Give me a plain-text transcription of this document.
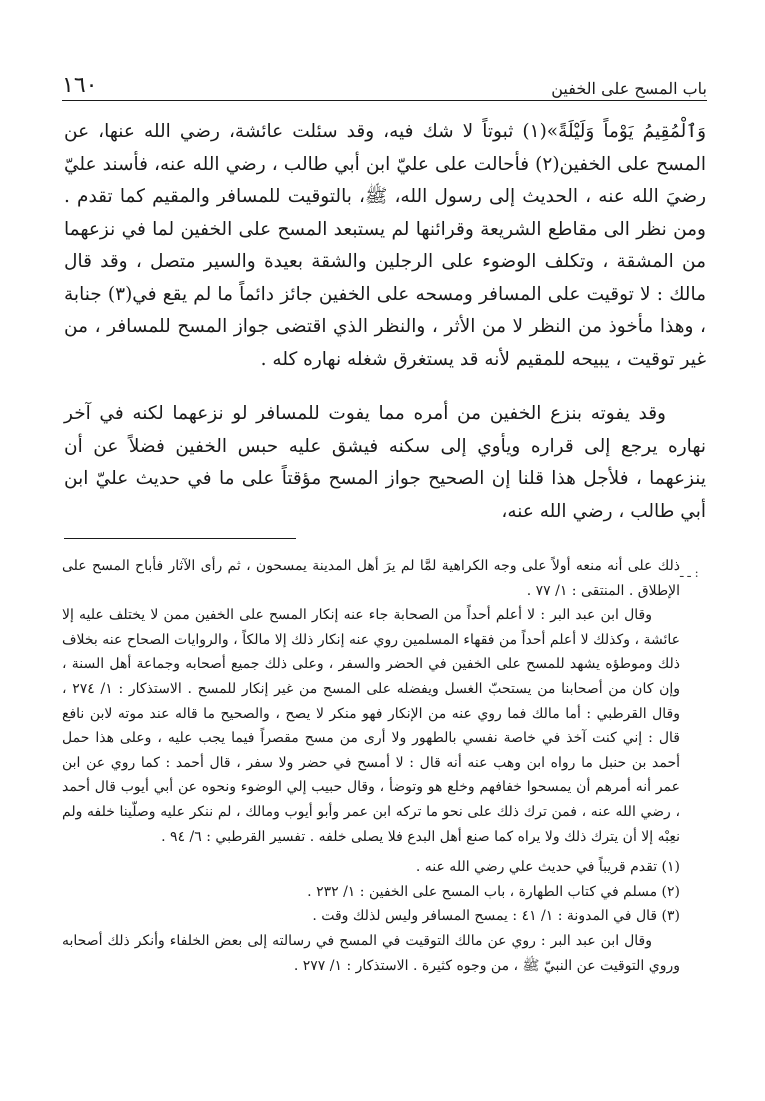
باب المسح على الخفين
١٦٠

وَٱلْمُقِيمُ يَوْماً وَلَيْلَةً»(١) ثبوتاً لا شك فيه، وقد سئلت عائشة، رضي الله عنها، عن المسح على الخفين(٢) فأحالت على عليّ ابن أبي طالب ، رضي الله عنه، فأسند عليّ رضيَ الله عنه ، الحديث إلى رسول الله، ﷺ، بالتوقيت للمسافر والمقيم كما تقدم . ومن نظر الى مقاطع الشريعة وقرائنها لم يستبعد المسح على الخفين لما في نزعهما من المشقة ، وتكلف الوضوء على الرجلين والشقة بعيدة والسير متصل ، وقد قال مالك : لا توقيت على المسافر ومسحه على الخفين جائز دائماً ما لم يقع في(٣) جنابة ، وهذا مأخوذ من النظر لا من الأثر ، والنظر الذي اقتضى جواز المسح للمسافر ، من غير توقيت ، يبيحه للمقيم لأنه قد يستغرق شغله نهاره كله .

وقد يفوته بنزع الخفين من أمره مما يفوت للمسافر لو نزعهما لكنه في آخر نهاره يرجع إلى قراره ويأوي إلى سكنه فيشق عليه حبس الخفين فضلاً عن أن ينزعهما ، فلأجل هذا قلنا إن الصحيح جواز المسح مؤقتاً على ما في حديث عليّ ابن أبي طالب ، رضي الله عنه،

ـ ـ :

ذلك على أنه منعه أولاً على وجه الكراهية لمَّا لم يرَ أهل المدينة يمسحون ، ثم رأى الآثار فأباح المسح على الإطلاق . المنتقى : ١/ ٧٧ .

وقال ابن عبد البر : لا أعلم أحداً من الصحابة جاء عنه إنكار المسح على الخفين ممن لا يختلف عليه إلا عائشة ، وكذلك لا أعلم أحداً من فقهاء المسلمين روي عنه إنكار ذلك إلا مالكاً ، والروايات الصحاح عنه بخلاف ذلك وموطؤه يشهد للمسح على الخفين في الحضر والسفر ، وعلى ذلك جميع أصحابه وجماعة أهل السنة ، وإن كان من أصحابنا من يستحبّ الغسل ويفضله على المسح من غير إنكار للمسح . الاستذكار : ١/ ٢٧٤ ، وقال القرطبي : أما مالك فما روي عنه من الإنكار فهو منكر لا يصح ، والصحيح ما قاله عند موته لابن نافع قال : إني كنت آخذ في خاصة نفسي بالطهور ولا أرى من مسح مقصراً فيما يجب عليه ، وعلى هذا حمل أحمد بن حنبل ما رواه ابن وهب عنه أنه قال : لا أمسح في حضر ولا سفر ، قال أحمد : كما روي عن ابن عمر أنه أمرهم أن يمسحوا خفافهم وخلع هو وتوضأ ، وقال حبيب إلي الوضوء ونحوه عن أبي أيوب قال أحمد ، رضي الله عنه ، فمن ترك ذلك على نحو ما تركه ابن عمر وأبو أيوب ومالك ، لم ننكر عليه وصلّينا خلفه ولم نعِبْه إلا أن يترك ذلك ولا يراه كما صنع أهل البدع فلا يصلى خلفه . تفسير القرطبي : ٦/ ٩٤ .

(١) تقدم قريباً في حديث علي رضي الله عنه .

(٢) مسلم في كتاب الطهارة ، باب المسح على الخفين : ١/ ٢٣٢ .

(٣) قال في المدونة : ١/ ٤١ : يمسح المسافر وليس لذلك وقت .

وقال ابن عبد البر : روي عن مالك التوقيت في المسح في رسالته إلى بعض الخلفاء وأنكر ذلك أصحابه وروي التوقيت عن النبيّ ﷺ ، من وجوه كثيرة . الاستذكار : ١/ ٢٧٧ .
